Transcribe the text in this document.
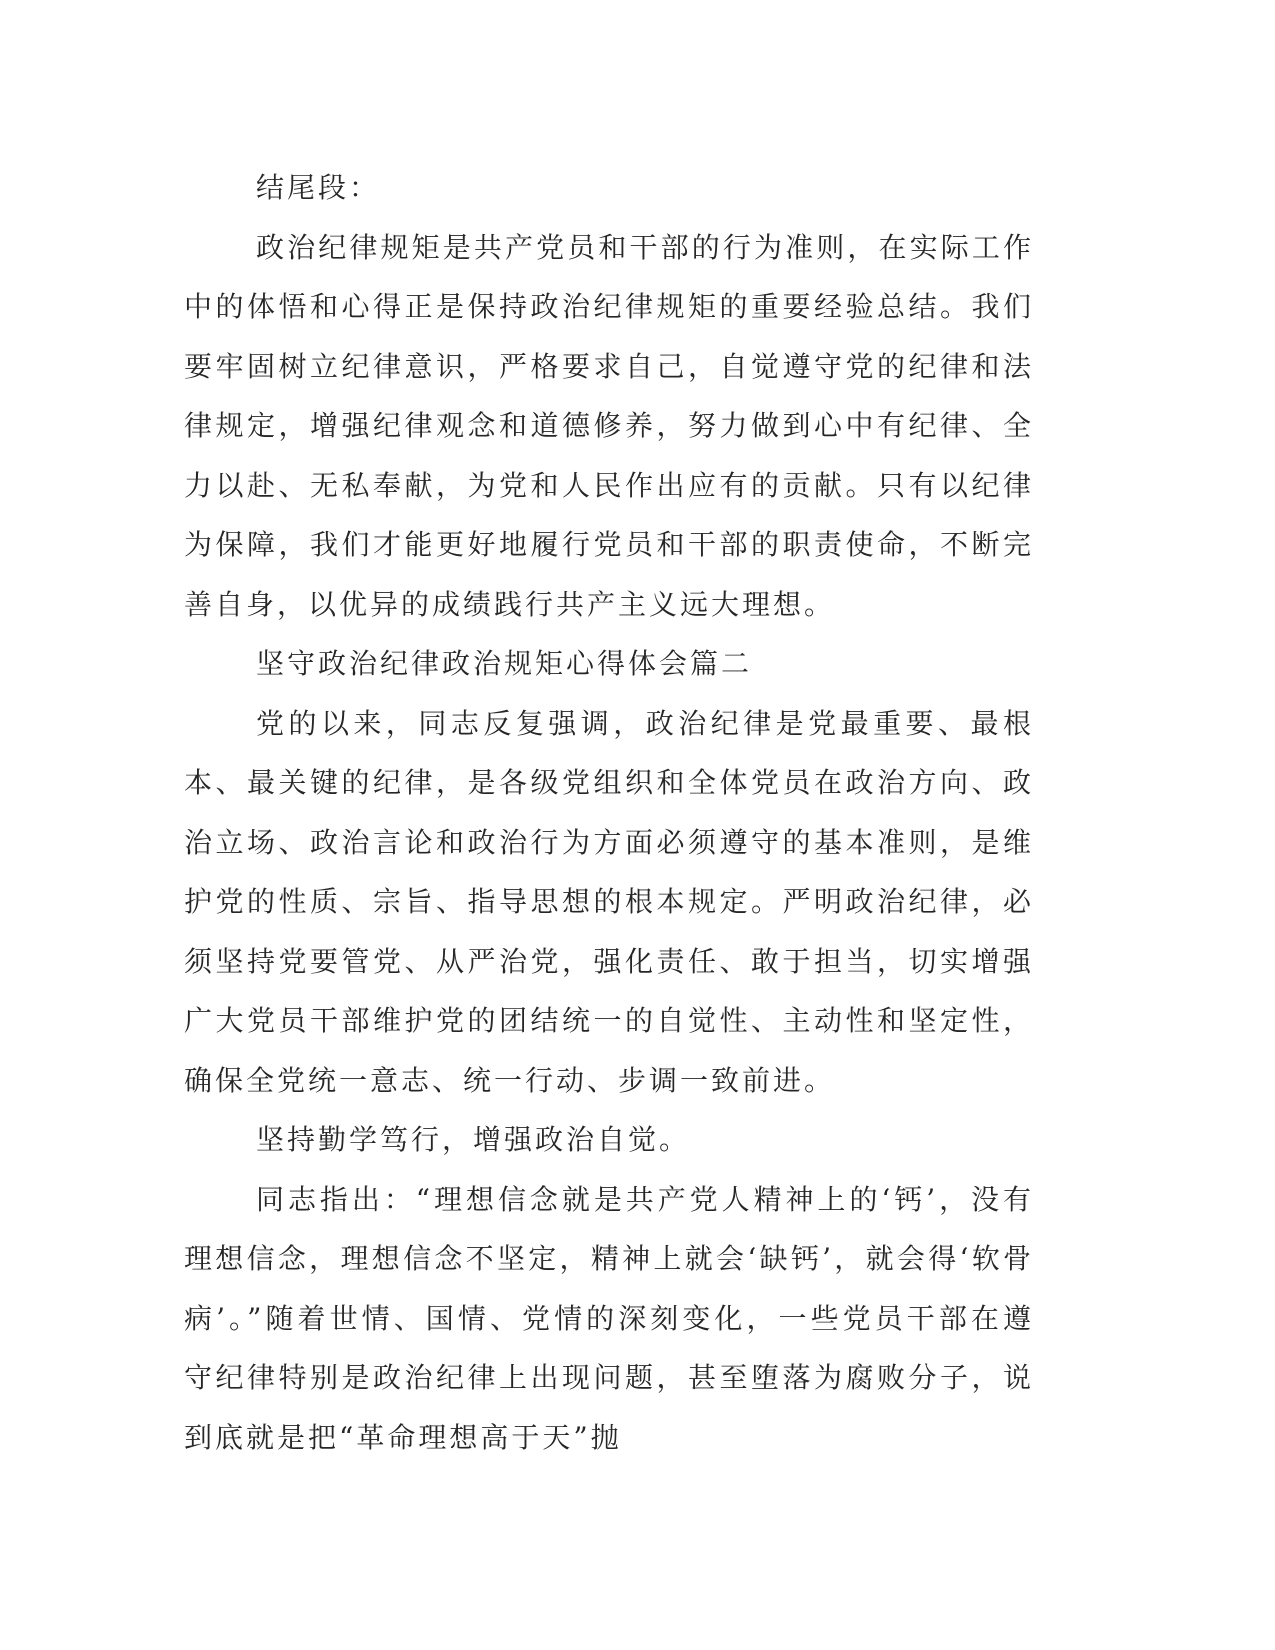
结尾段：

政治纪律规矩是共产党员和干部的行为准则，在实际工作中的体悟和心得正是保持政治纪律规矩的重要经验总结。我们要牢固树立纪律意识，严格要求自己，自觉遵守党的纪律和法律规定，增强纪律观念和道德修养，努力做到心中有纪律、全力以赴、无私奉献，为党和人民作出应有的贡献。只有以纪律为保障，我们才能更好地履行党员和干部的职责使命，不断完善自身，以优异的成绩践行共产主义远大理想。

坚守政治纪律政治规矩心得体会篇二

党的以来，同志反复强调，政治纪律是党最重要、最根本、最关键的纪律，是各级党组织和全体党员在政治方向、政治立场、政治言论和政治行为方面必须遵守的基本准则，是维护党的性质、宗旨、指导思想的根本规定。严明政治纪律，必须坚持党要管党、从严治党，强化责任、敢于担当，切实增强广大党员干部维护党的团结统一的自觉性、主动性和坚定性，确保全党统一意志、统一行动、步调一致前进。

坚持勤学笃行，增强政治自觉。

同志指出：“理想信念就是共产党人精神上的‘钙’，没有理想信念，理想信念不坚定，精神上就会‘缺钙’，就会得‘软骨病’。”随着世情、国情、党情的深刻变化，一些党员干部在遵守纪律特别是政治纪律上出现问题，甚至堕落为腐败分子，说到底就是把“革命理想高于天”抛
